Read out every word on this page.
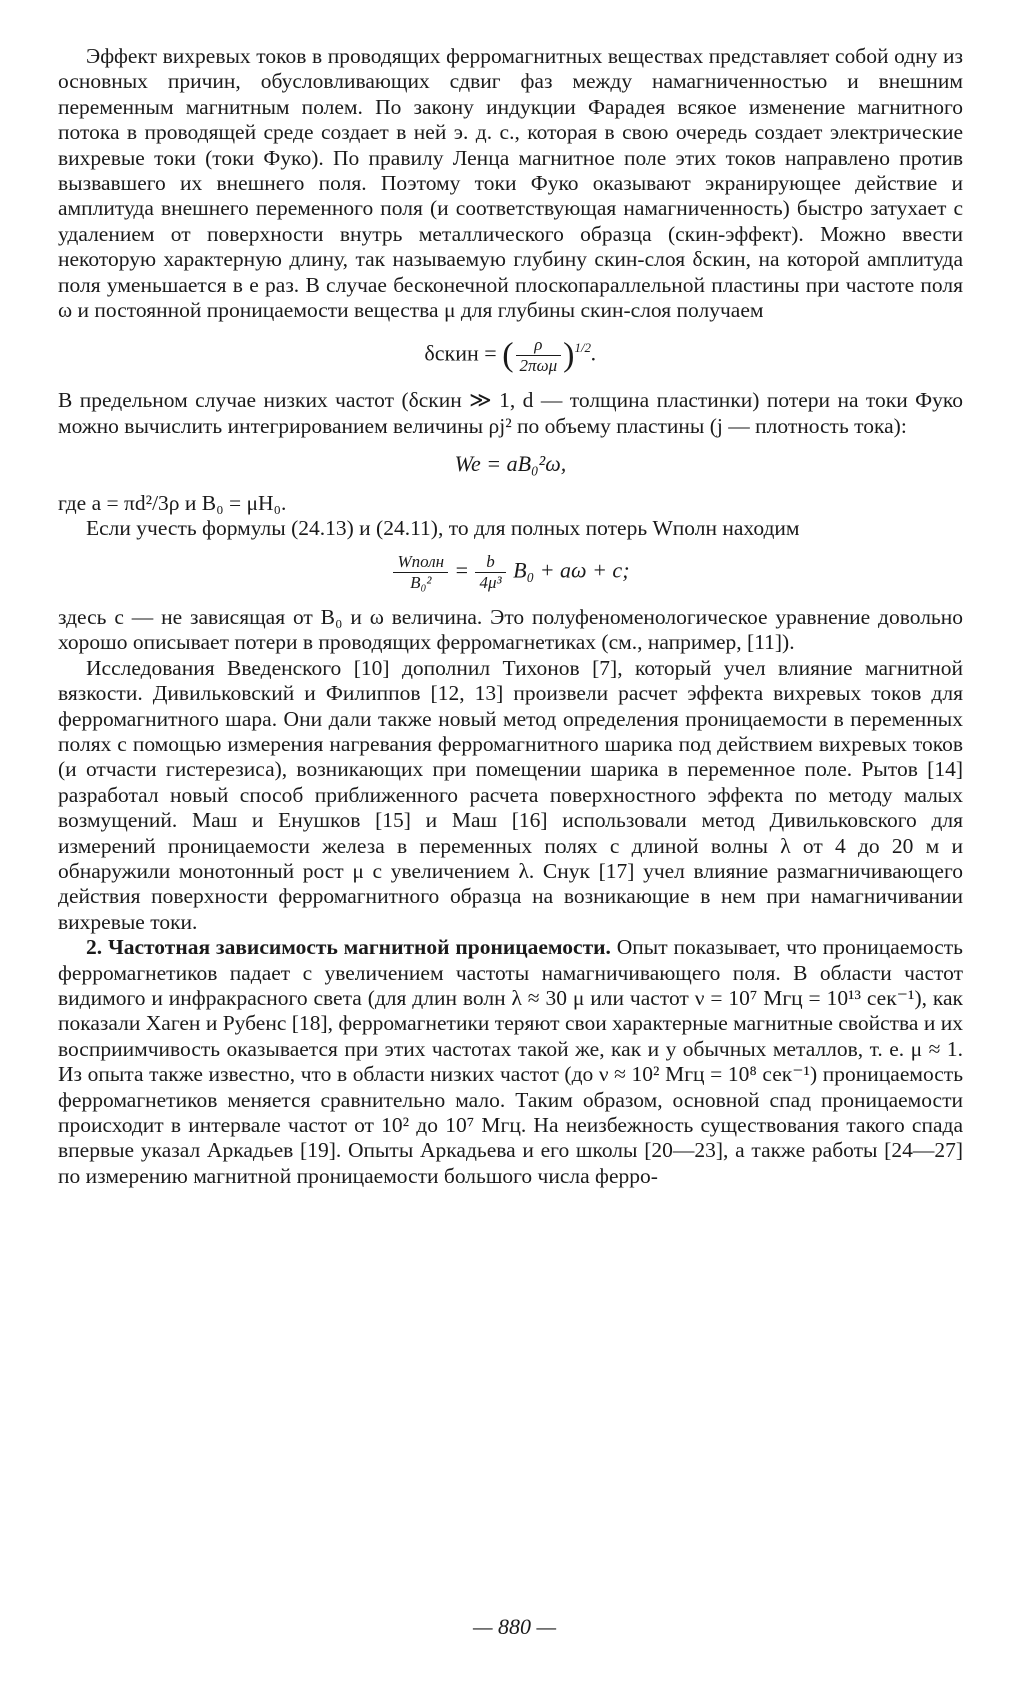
Эффект вихревых токов в проводящих ферромагнитных веществах представляет собой одну из основных причин, обусловливающих сдвиг фаз между намагниченностью и внешним переменным магнитным полем. По закону индукции Фарадея всякое изменение магнитного потока в проводящей среде создает в ней э. д. с., которая в свою очередь создает электрические вихревые токи (токи Фуко). По правилу Ленца магнитное поле этих токов направлено против вызвавшего их внешнего поля. Поэтому токи Фуко оказывают экранирующее действие и амплитуда внешнего переменного поля (и соответствующая намагниченность) быстро затухает с удалением от поверхности внутрь металлического образца (скин-эффект). Можно ввести некоторую характерную длину, так называемую глубину скин-слоя δскин, на которой амплитуда поля уменьшается в e раз. В случае бесконечной плоскопараллельной пластины при частоте поля ω и постоянной проницаемости вещества μ для глубины скин-слоя получаем

δскин = ( $\frac{\rho}{\text{2πωμ}} )^{1/2}$.

В предельном случае низких частот (δскин ≫ 1, d — толщина пластинки) потери на токи Фуко можно вычислить интегрированием величины ρj² по объему пластины (j — плотность тока):

We = aB₀²ω,

где a = πd²/3ρ и B₀ = μH₀.

Если учесть формулы (24.13) и (24.11), то для полных потерь Wполн находим

$\frac{\text{Wполн}}{\text{B₀²}} = \frac{b}{\text{4μ³}} B_0 + a\omega + c$;

здесь c — не зависящая от B₀ и ω величина. Это полуфеноменологическое уравнение довольно хорошо описывает потери в проводящих ферромагнетиках (см., например, [11]).

Исследования Введенского [10] дополнил Тихонов [7], который учел влияние магнитной вязкости. Дивильковский и Филиппов [12, 13] произвели расчет эффекта вихревых токов для ферромагнитного шара. Они дали также новый метод определения проницаемости в переменных полях с помощью измерения нагревания ферромагнитного шарика под действием вихревых токов (и отчасти гистерезиса), возникающих при помещении шарика в переменное поле. Рытов [14] разработал новый способ приближенного расчета поверхностного эффекта по методу малых возмущений. Маш и Енушков [15] и Маш [16] использовали метод Дивильковского для измерений проницаемости железа в переменных полях с длиной волны λ от 4 до 20 м и обнаружили монотонный рост μ с увеличением λ. Снук [17] учел влияние размагничивающего действия поверхности ферромагнитного образца на возникающие в нем при намагничивании вихревые токи.

2. Частотная зависимость магнитной проницаемости. Опыт показывает, что проницаемость ферромагнетиков падает с увеличением частоты намагничивающего поля. В области частот видимого и инфракрасного света (для длин волн λ ≈ 30 μ или частот ν = 10⁷ Мгц = 10¹³ сек⁻¹), как показали Хаген и Рубенс [18], ферромагнетики теряют свои характерные магнитные свойства и их восприимчивость оказывается при этих частотах такой же, как и у обычных металлов, т. е. μ ≈ 1. Из опыта также известно, что в области низких частот (до ν ≈ 10² Мгц = 10⁸ сек⁻¹) проницаемость ферромагнетиков меняется сравнительно мало. Таким образом, основной спад проницаемости происходит в интервале частот от 10² до 10⁷ Мгц. На неизбежность существования такого спада впервые указал Аркадьев [19]. Опыты Аркадьева и его школы [20—23], а также работы [24—27] по измерению магнитной проницаемости большого числа ферро-

— 880 —
